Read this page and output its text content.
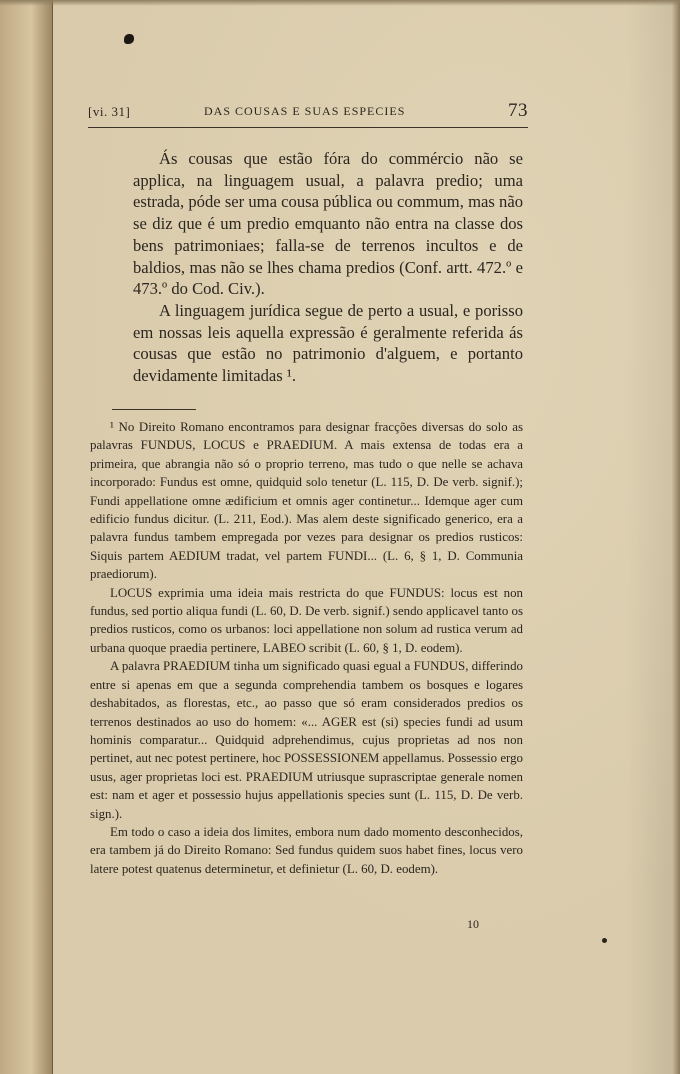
[vi. 31]	DAS COUSAS E SUAS ESPECIES	73

Ás cousas que estão fóra do commércio não se applica, na linguagem usual, a palavra predio; uma estrada, póde ser uma cousa pública ou commum, mas não se diz que é um predio emquanto não entra na classe dos bens patrimoniaes; falla-se de terrenos incultos e de baldios, mas não se lhes chama predios (Conf. artt. 472.º e 473.º do Cod. Civ.).

A linguagem jurídica segue de perto a usual, e porisso em nossas leis aquella expressão é geralmente referida ás cousas que estão no patrimonio d'alguem, e portanto devidamente limitadas ¹.

¹ No Direito Romano encontramos para designar fracções diversas do solo as palavras FUNDUS, LOCUS e PRAEDIUM. A mais extensa de todas era a primeira, que abrangia não só o proprio terreno, mas tudo o que nelle se achava incorporado: Fundus est omne, quidquid solo tenetur (L. 115, D. De verb. signif.); Fundi appellatione omne ædificium et omnis ager continetur... Idemque ager cum edificio fundus dicitur. (L. 211, Eod.). Mas alem deste significado generico, era a palavra fundus tambem empregada por vezes para designar os predios rusticos: Siquis partem AEDIUM tradat, vel partem FUNDI... (L. 6, § 1, D. Communia praediorum).

LOCUS exprimia uma ideia mais restricta do que FUNDUS: locus est non fundus, sed portio aliqua fundi (L. 60, D. De verb. signif.) sendo applicavel tanto os predios rusticos, como os urbanos: loci appellatione non solum ad rustica verum ad urbana quoque praedia pertinere, LABEO scribit (L. 60, § 1, D. eodem).

A palavra PRAEDIUM tinha um significado quasi egual a FUNDUS, differindo entre si apenas em que a segunda comprehendia tambem os bosques e logares deshabitados, as florestas, etc., ao passo que só eram considerados predios os terrenos destinados ao uso do homem: «... AGER est (si) species fundi ad usum hominis comparatur... Quidquid adprehendimus, cujus proprietas ad nos non pertinet, aut nec potest pertinere, hoc POSSESSIONEM appellamus. Possessio ergo usus, ager proprietas loci est. PRAEDIUM utriusque suprascriptae generale nomen est: nam et ager et possessio hujus appellationis species sunt (L. 115, D. De verb. sign.).

Em todo o caso a ideia dos limites, embora num dado momento desconhecidos, era tambem já do Direito Romano: Sed fundus quidem suos habet fines, locus vero latere potest quatenus determinetur, et definietur (L. 60, D. eodem).

10
